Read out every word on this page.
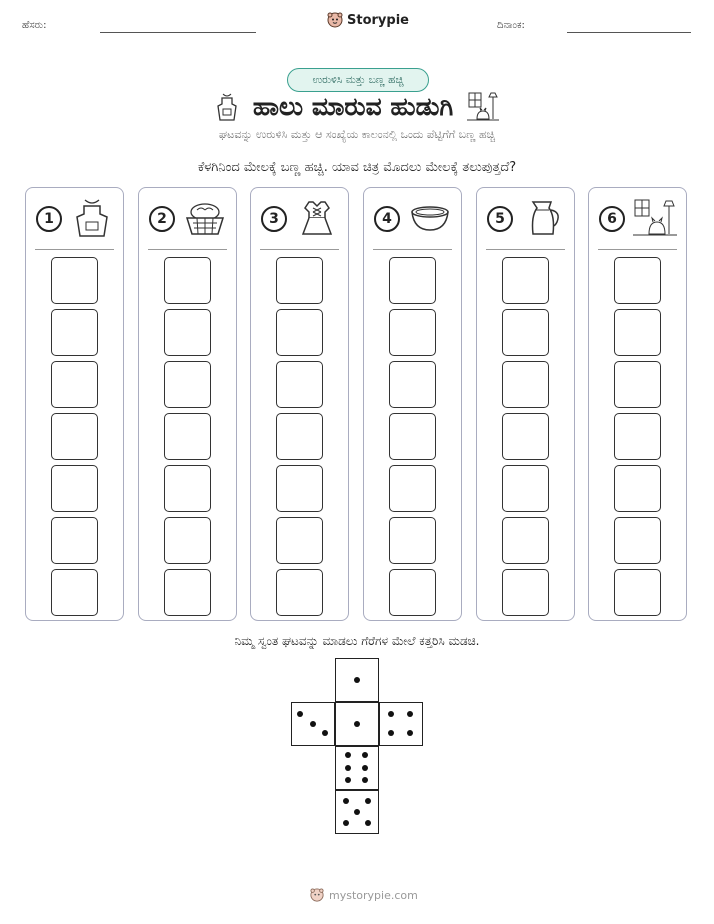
ಹೆಸರು:	Storypie	ದಿನಾಂಕ:
ಉರುಳಿಸಿ ಮತ್ತು ಬಣ್ಣ ಹಚ್ಚಿ
ಹಾಲು ಮಾರುವ ಹುಡುಗಿ
ಘಟವನ್ನು ಉರುಳಿಸಿ ಮತ್ತು ಆ ಸಂಖ್ಯೆಯ ಕಾಲಂನಲ್ಲಿ ಒಂದು ಪೆಟ್ಟಿಗೆಗೆ ಬಣ್ಣ ಹಚ್ಚಿ
ಕೆಳಗಿನಿಂದ ಮೇಲಕ್ಕೆ ಬಣ್ಣ ಹಚ್ಚಿ. ಯಾವ ಚಿತ್ರ ಮೊದಲು ಮೇಲಕ್ಕೆ ತಲುಪುತ್ತದೆ?
1	2	3	4	5	6
ನಿಮ್ಮ ಸ್ವಂತ ಘಟವನ್ನು ಮಾಡಲು ಗೆರೆಗಳ ಮೇಲೆ ಕತ್ತರಿಸಿ ಮಡಚಿ.
mystorypie.com
